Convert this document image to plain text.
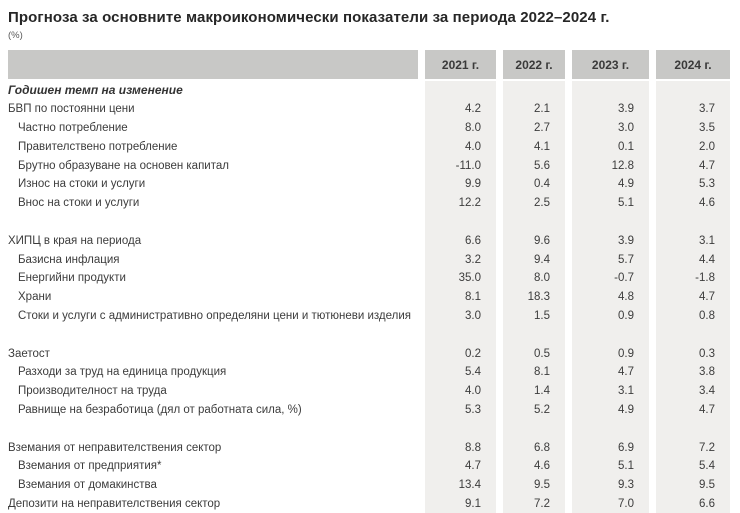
Прогноза за основните макроикономически показатели за периода 2022–2024 г.
(%)
2021 г.	2022 г.	2023 г.	2024 г.
Годишен темп на изменение
БВП по постоянни цени	4.2	2.1	3.9	3.7
Частно потребление	8.0	2.7	3.0	3.5
Правителствено потребление	4.0	4.1	0.1	2.0
Брутно образуване на основен капитал	-11.0	5.6	12.8	4.7
Износ на стоки и услуги	9.9	0.4	4.9	5.3
Внос на стоки и услуги	12.2	2.5	5.1	4.6
ХИПЦ в края на периода	6.6	9.6	3.9	3.1
Базисна инфлация	3.2	9.4	5.7	4.4
Енергийни продукти	35.0	8.0	-0.7	-1.8
Храни	8.1	18.3	4.8	4.7
Стоки и услуги с административно определяни цени и тютюневи изделия	3.0	1.5	0.9	0.8
Заетост	0.2	0.5	0.9	0.3
Разходи за труд на единица продукция	5.4	8.1	4.7	3.8
Производителност на труда	4.0	1.4	3.1	3.4
Равнище на безработица (дял от работната сила, %)	5.3	5.2	4.9	4.7
Вземания от неправителствения сектор	8.8	6.8	6.9	7.2
Вземания от предприятия*	4.7	4.6	5.1	5.4
Вземания от домакинства	13.4	9.5	9.3	9.5
Депозити на неправителствения сектор	9.1	7.2	7.0	6.6
